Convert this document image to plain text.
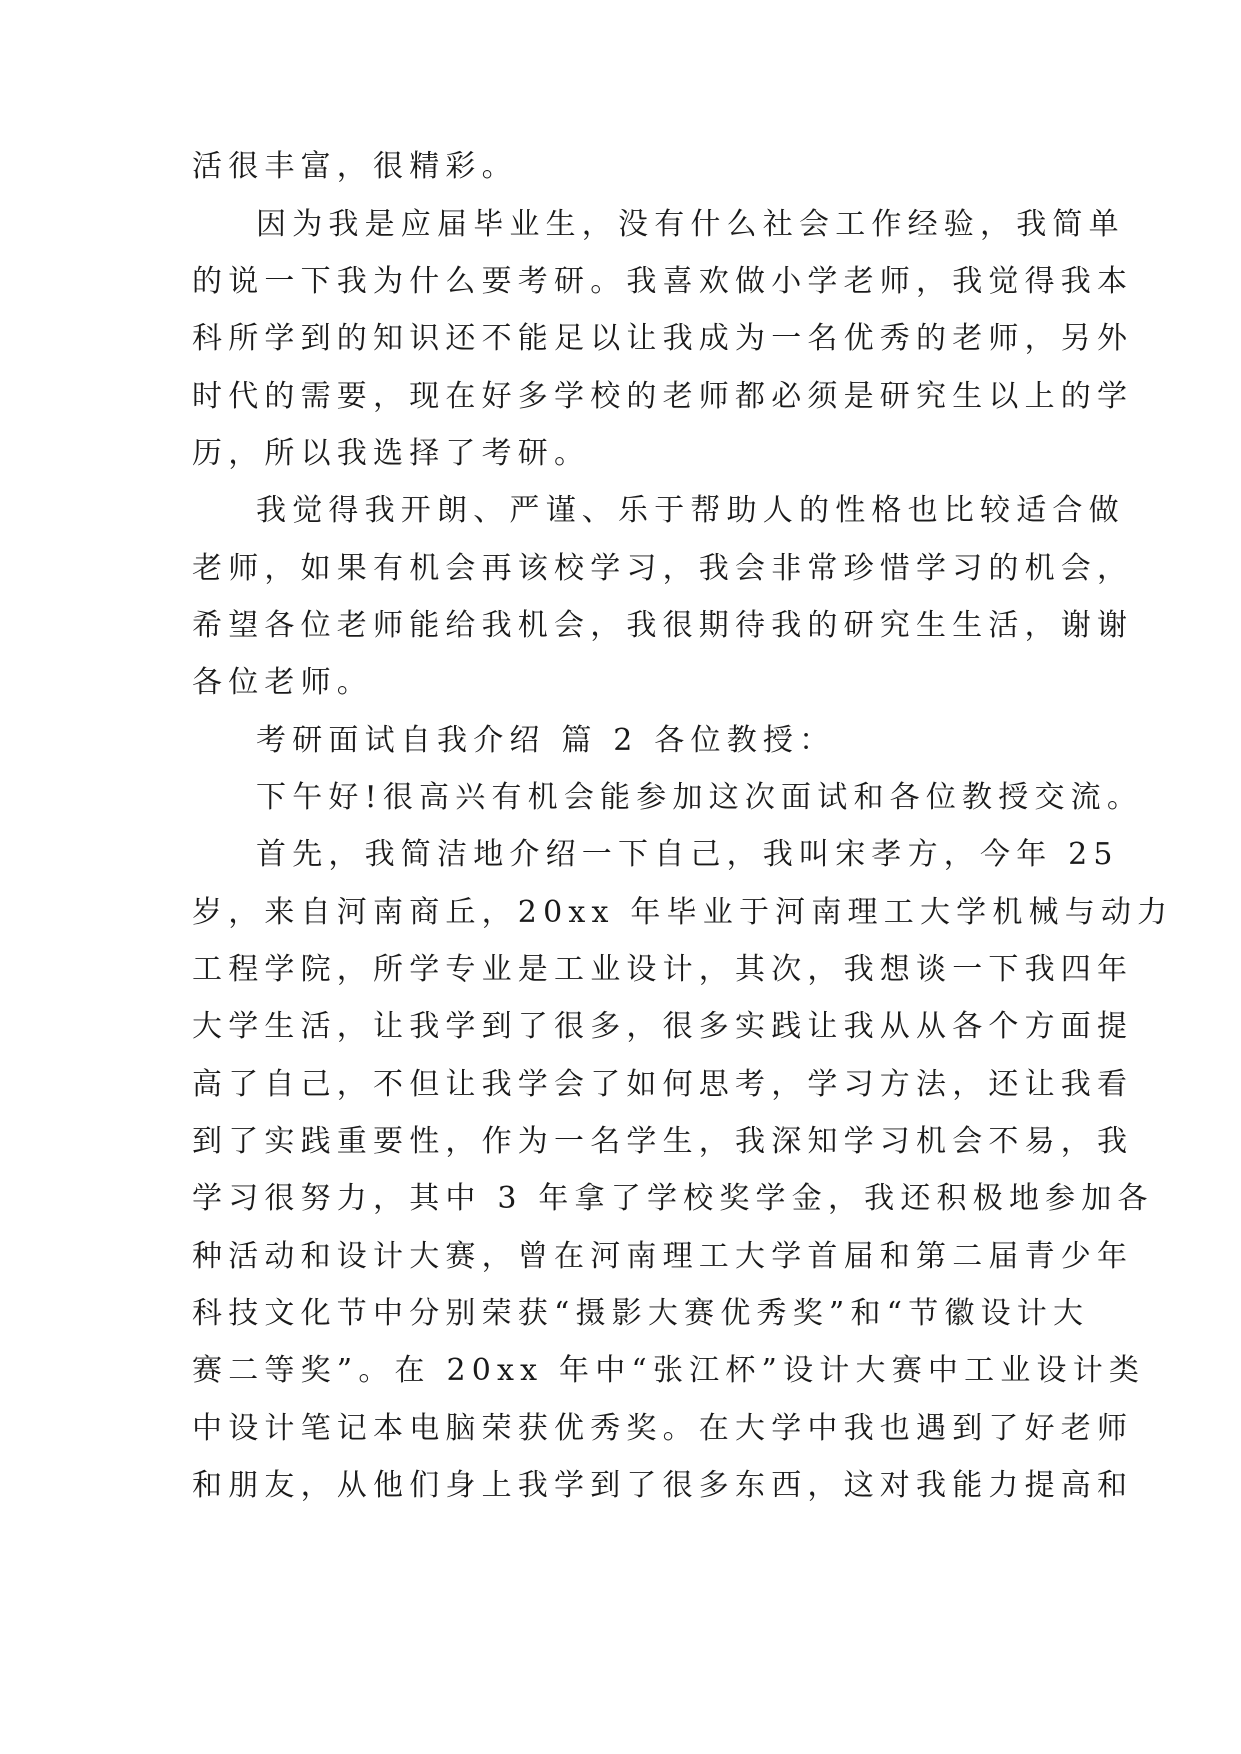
活很丰富，很精彩。
因为我是应届毕业生，没有什么社会工作经验，我简单
的说一下我为什么要考研。我喜欢做小学老师，我觉得我本
科所学到的知识还不能足以让我成为一名优秀的老师，另外
时代的需要，现在好多学校的老师都必须是研究生以上的学
历，所以我选择了考研。
我觉得我开朗、严谨、乐于帮助人的性格也比较适合做
老师，如果有机会再该校学习，我会非常珍惜学习的机会，
希望各位老师能给我机会，我很期待我的研究生生活，谢谢
各位老师。
考研面试自我介绍 篇 2 各位教授：
下午好!很高兴有机会能参加这次面试和各位教授交流。
首先，我简洁地介绍一下自己，我叫宋孝方，今年 25
岁，来自河南商丘，20xx 年毕业于河南理工大学机械与动力
工程学院，所学专业是工业设计，其次，我想谈一下我四年
大学生活，让我学到了很多，很多实践让我从从各个方面提
高了自己，不但让我学会了如何思考，学习方法，还让我看
到了实践重要性，作为一名学生，我深知学习机会不易，我
学习很努力，其中 3 年拿了学校奖学金，我还积极地参加各
种活动和设计大赛，曾在河南理工大学首届和第二届青少年
科技文化节中分别荣获“摄影大赛优秀奖”和“节徽设计大
赛二等奖”。在 20xx 年中“张江杯”设计大赛中工业设计类
中设计笔记本电脑荣获优秀奖。在大学中我也遇到了好老师
和朋友，从他们身上我学到了很多东西，这对我能力提高和
